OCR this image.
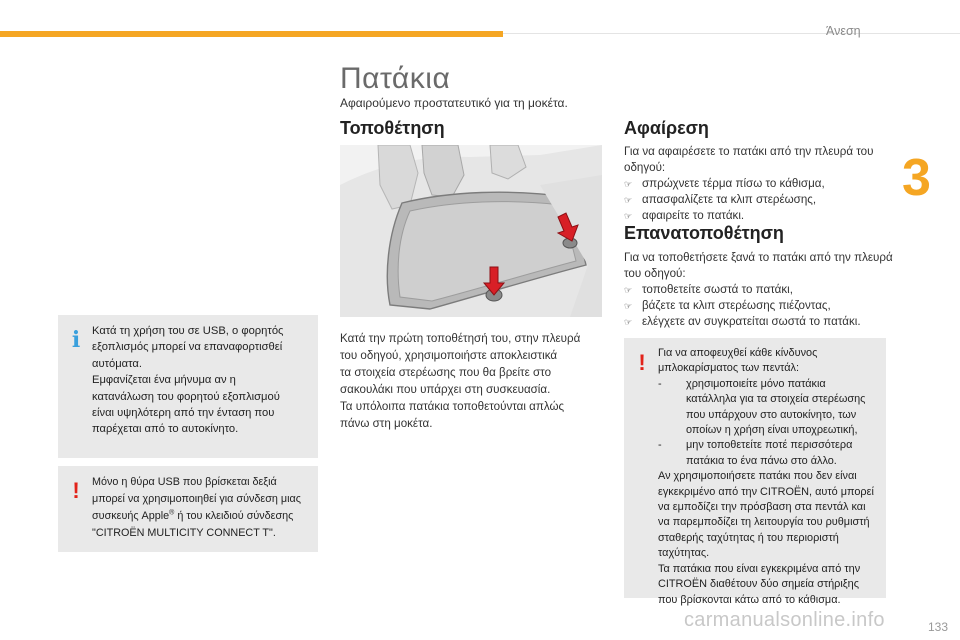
Άνεση
3
Πατάκια
Αφαιρούμενο προστατευτικό για τη μοκέτα.
Τοποθέτηση	Αφαίρεση
Επανατοποθέτηση

Κατά την πρώτη τοποθέτησή του, στην πλευρά

του οδηγού, χρησιμοποιήστε αποκλειστικά

τα στοιχεία στερέωσης που θα βρείτε στο

σακουλάκι που υπάρχει στη συσκευασία.

Τα υπόλοιπα πατάκια τοποθετούνται απλώς

πάνω στη μοκέτα.

Για να αφαιρέσετε το πατάκι από την πλευρά του οδηγού:

☞ σπρώχνετε τέρμα πίσω το κάθισμα,
☞ απασφαλίζετε τα κλιπ στερέωσης,
☞ αφαιρείτε το πατάκι.

Για να τοποθετήσετε ξανά το πατάκι από την πλευρά του οδηγού:

☞ τοποθετείτε σωστά το πατάκι,
☞ βάζετε τα κλιπ στερέωσης πιέζοντας,
☞ ελέγχετε αν συγκρατείται σωστά το πατάκι.
i	Κατά τη χρήση του σε USB, ο φορητός
εξοπλισμός μπορεί να επαναφορτισθεί
αυτόματα.
Εμφανίζεται ένα μήνυμα αν η
κατανάλωση του φορητού εξοπλισμού
είναι υψηλότερη από την ένταση που
παρέχεται από το αυτοκίνητο.
!	Μόνο η θύρα USB που βρίσκεται δεξιά
μπορεί να χρησιμοποιηθεί για σύνδεση μιας
συσκευής Apple® ή του κλειδιού σύνδεσης
"CITROËN MULTICITY CONNECT T".
!	Για να αποφευχθεί κάθε κίνδυνος μπλοκαρίσματος των πεντάλ:
- χρησιμοποιείτε μόνο πατάκια κατάλληλα για τα στοιχεία στερέωσης που υπάρχουν στο αυτοκίνητο, των οποίων η χρήση είναι υποχρεωτική,
- μην τοποθετείτε ποτέ περισσότερα πατάκια το ένα πάνω στο άλλο.
Αν χρησιμοποιήσετε πατάκι που δεν είναι εγκεκριμένο από την CITROËN, αυτό μπορεί να εμποδίζει την πρόσβαση στα πεντάλ και να παρεμποδίζει τη λειτουργία του ρυθμιστή σταθερής ταχύτητας ή του περιοριστή ταχύτητας.
Τα πατάκια που είναι εγκεκριμένα από την CITROËN διαθέτουν δύο σημεία στήριξης που βρίσκονται κάτω από το κάθισμα.
carmanualsonline.info	133
